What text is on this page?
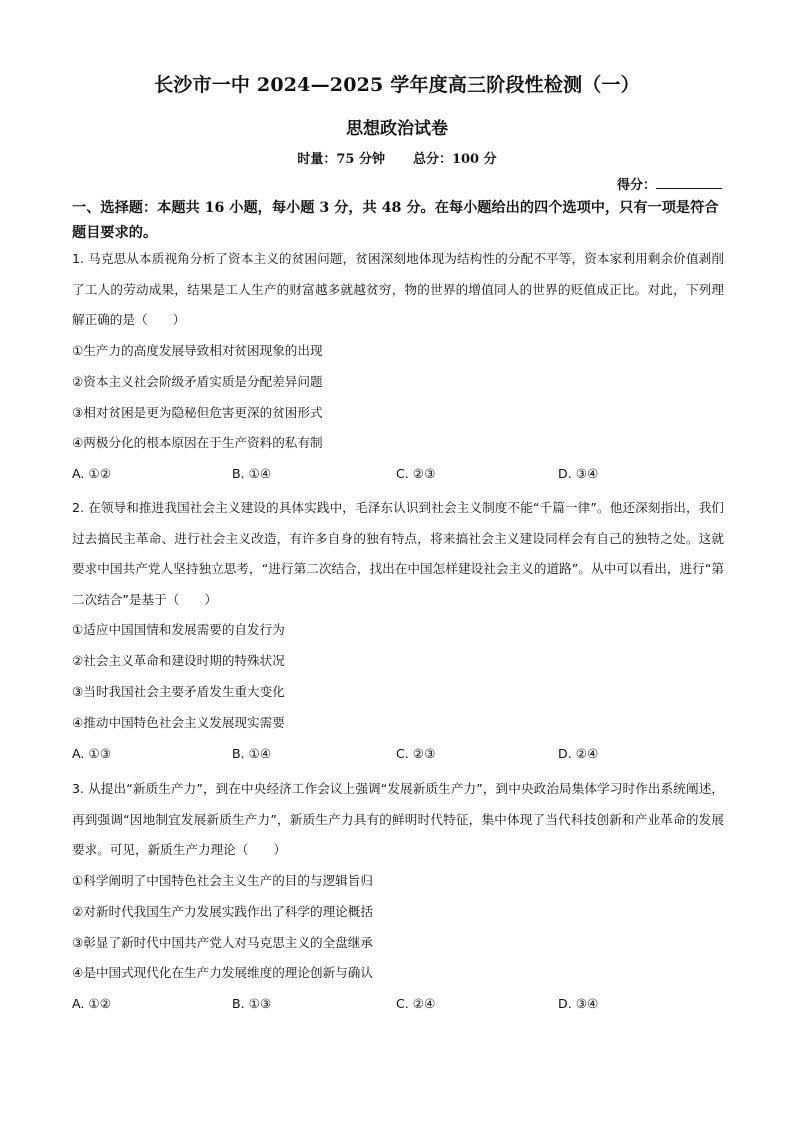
长沙市一中 2024—2025 学年度高三阶段性检测（一）
思想政治试卷
时量：75 分钟 总分：100 分
得分：
一、选择题：本题共 16 小题，每小题 3 分，共 48 分。在每小题给出的四个选项中，只有一项是符合题目要求的。

1. 马克思从本质视角分析了资本主义的贫困问题，贫困深刻地体现为结构性的分配不平等，资本家利用剩余价值剥削了工人的劳动成果，结果是工人生产的财富越多就越贫穷，物的世界的增值同人的世界的贬值成正比。对此，下列理解正确的是（　　）

①生产力的高度发展导致相对贫困现象的出现

②资本主义社会阶级矛盾实质是分配差异问题

③相对贫困是更为隐秘但危害更深的贫困形式

④两极分化的根本原因在于生产资料的私有制

A. ①②	B. ①④	C. ②③	D. ③④

2. 在领导和推进我国社会主义建设的具体实践中，毛泽东认识到社会主义制度不能“千篇一律”。他还深刻指出，我们过去搞民主革命、进行社会主义改造，有许多自身的独有特点，将来搞社会主义建设同样会有自己的独特之处。这就要求中国共产党人坚持独立思考，“进行第二次结合，找出在中国怎样建设社会主义的道路”。从中可以看出，进行“第二次结合”是基于（　　）

①适应中国国情和发展需要的自发行为

②社会主义革命和建设时期的特殊状况

③当时我国社会主要矛盾发生重大变化

④推动中国特色社会主义发展现实需要

A. ①③	B. ①④	C. ②③	D. ②④

3. 从提出“新质生产力”，到在中央经济工作会议上强调“发展新质生产力”，到中央政治局集体学习时作出系统阐述，再到强调“因地制宜发展新质生产力”，新质生产力具有的鲜明时代特征，集中体现了当代科技创新和产业革命的发展要求。可见，新质生产力理论（　　）

①科学阐明了中国特色社会主义生产的目的与逻辑旨归

②对新时代我国生产力发展实践作出了科学的理论概括

③彰显了新时代中国共产党人对马克思主义的全盘继承

④是中国式现代化在生产力发展维度的理论创新与确认

A. ①②	B. ①③	C. ②④	D. ③④
